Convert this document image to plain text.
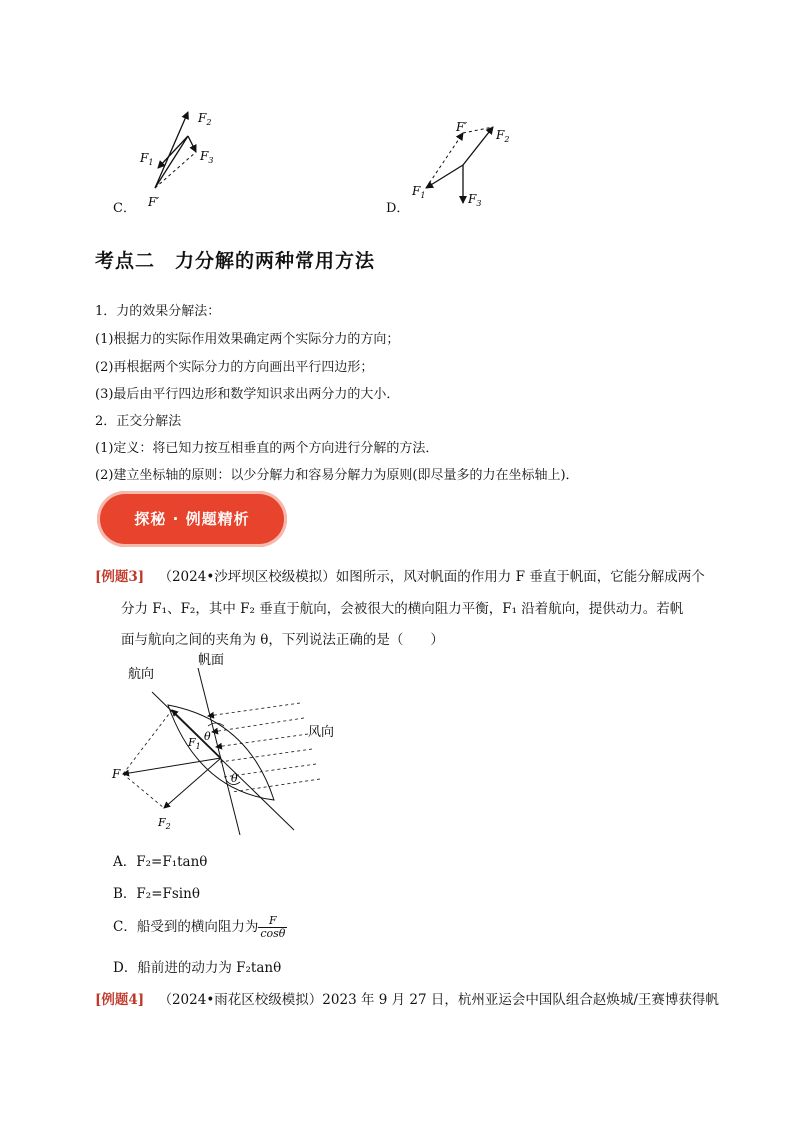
C．
$F_2$
$F_1$	$F_3$
F′	D．
F′
$F_2$
$F_1$	$F_3$
考点二　力分解的两种常用方法
1．力的效果分解法：
(1)根据力的实际作用效果确定两个实际分力的方向；
(2)再根据两个实际分力的方向画出平行四边形；
(3)最后由平行四边形和数学知识求出两分力的大小．
2．正交分解法
(1)定义：将已知力按互相垂直的两个方向进行分解的方法．
(2)建立坐标轴的原则：以少分解力和容易分解力为原则(即尽量多的力在坐标轴上)．
探秘 · 例题精析
[例题3] （2024•沙坪坝区校级模拟）如图所示，风对帆面的作用力 F 垂直于帆面，它能分解成两个
分力 F₁、F₂，其中 F₂ 垂直于航向，会被很大的横向阻力平衡，F₁ 沿着航向，提供动力。若帆
面与航向之间的夹角为 θ，下列说法正确的是（　　）
航向
帆面
风向
F
$F_1$
$F_2$
θ
θ
A．F₂=F₁tanθ
B．F₂=Fsinθ
C．船受到的横向阻力为 $\frac{F}{\cos\theta}$
D．船前进的动力为 F₂tanθ
[例题4] （2024•雨花区校级模拟）2023 年 9 月 27 日，杭州亚运会中国队组合赵焕城/王赛博获得帆
